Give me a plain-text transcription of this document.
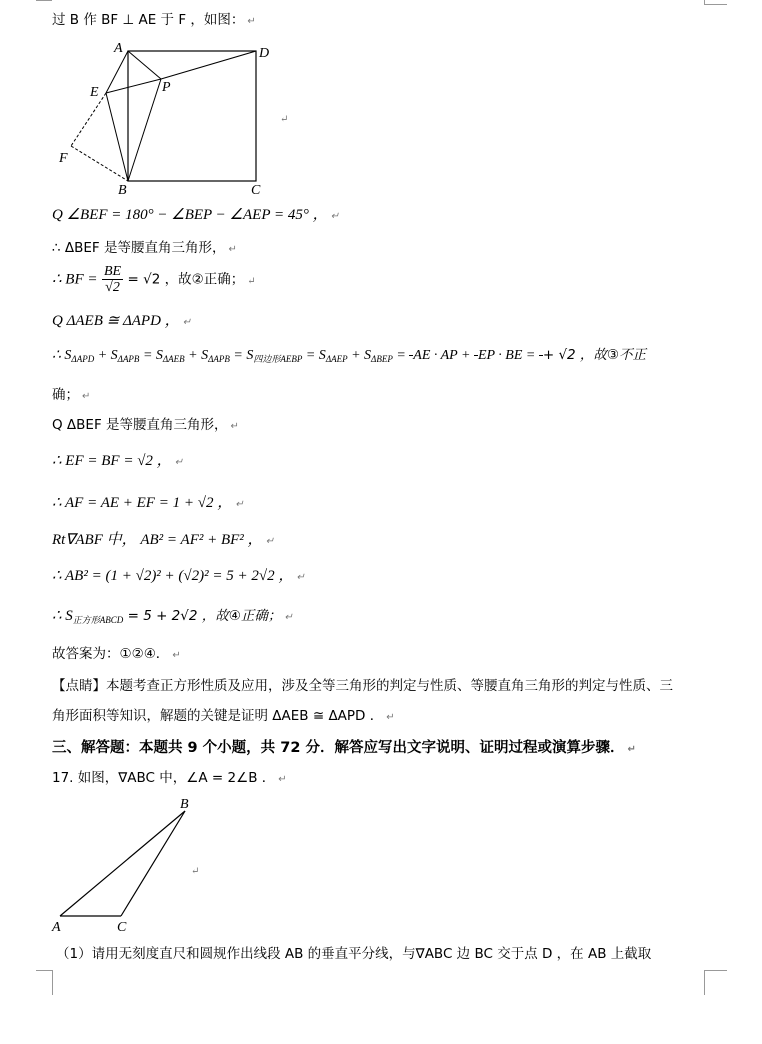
过 B 作 BF ⊥ AE 于 F ，如图： ↵
A	D
E	P
F
B	C
↵
Q ∠BEF = 180° − ∠BEP − ∠AEP = 45° ， ↵
∴ ΔBEF 是等腰直角三角形， ↵
∴ BF = $\frac{BE}{√2} = √2$ ，故②正确； ↵
Q ΔAEB ≅ ΔAPD ， ↵
∴ $S_{\Delta APD} + S_{\Delta APB} = S_{\Delta AEB} + S_{\Delta APB} = S_{四边形AEBP} = S_{\Delta AEP} + S_{\Delta BEP}$ = AE · AP + EP · BE = + √2 ，故③不正
确； ↵
Q ΔBEF 是等腰直角三角形， ↵
∴ EF = BF = √2 ， ↵
∴ AF = AE + EF = 1 + √2 ， ↵
Rt∇ABF 中， AB² = AF² + BF² ， ↵
∴ AB² = (1 + √2)² + (√2)² = 5 + 2√2 ， ↵
∴ $S_{正方形ABCD} = 5 + 2√2$ ，故④正确； ↵
故答案为：①②④． ↵
【点睛】本题考查正方形性质及应用，涉及全等三角形的判定与性质、等腰直角三角形的判定与性质、三
角形面积等知识，解题的关键是证明 ΔAEB ≅ ΔAPD ． ↵
三、解答题：本题共 9 个小题，共 72 分．解答应写出文字说明、证明过程或演算步骤． ↵
17. 如图，∇ABC 中，∠A = 2∠B ． ↵
B
A	C
↵
（1）请用无刻度直尺和圆规作出线段 AB 的垂直平分线，与∇ABC 边 BC 交于点 D ，在 AB 上截取
